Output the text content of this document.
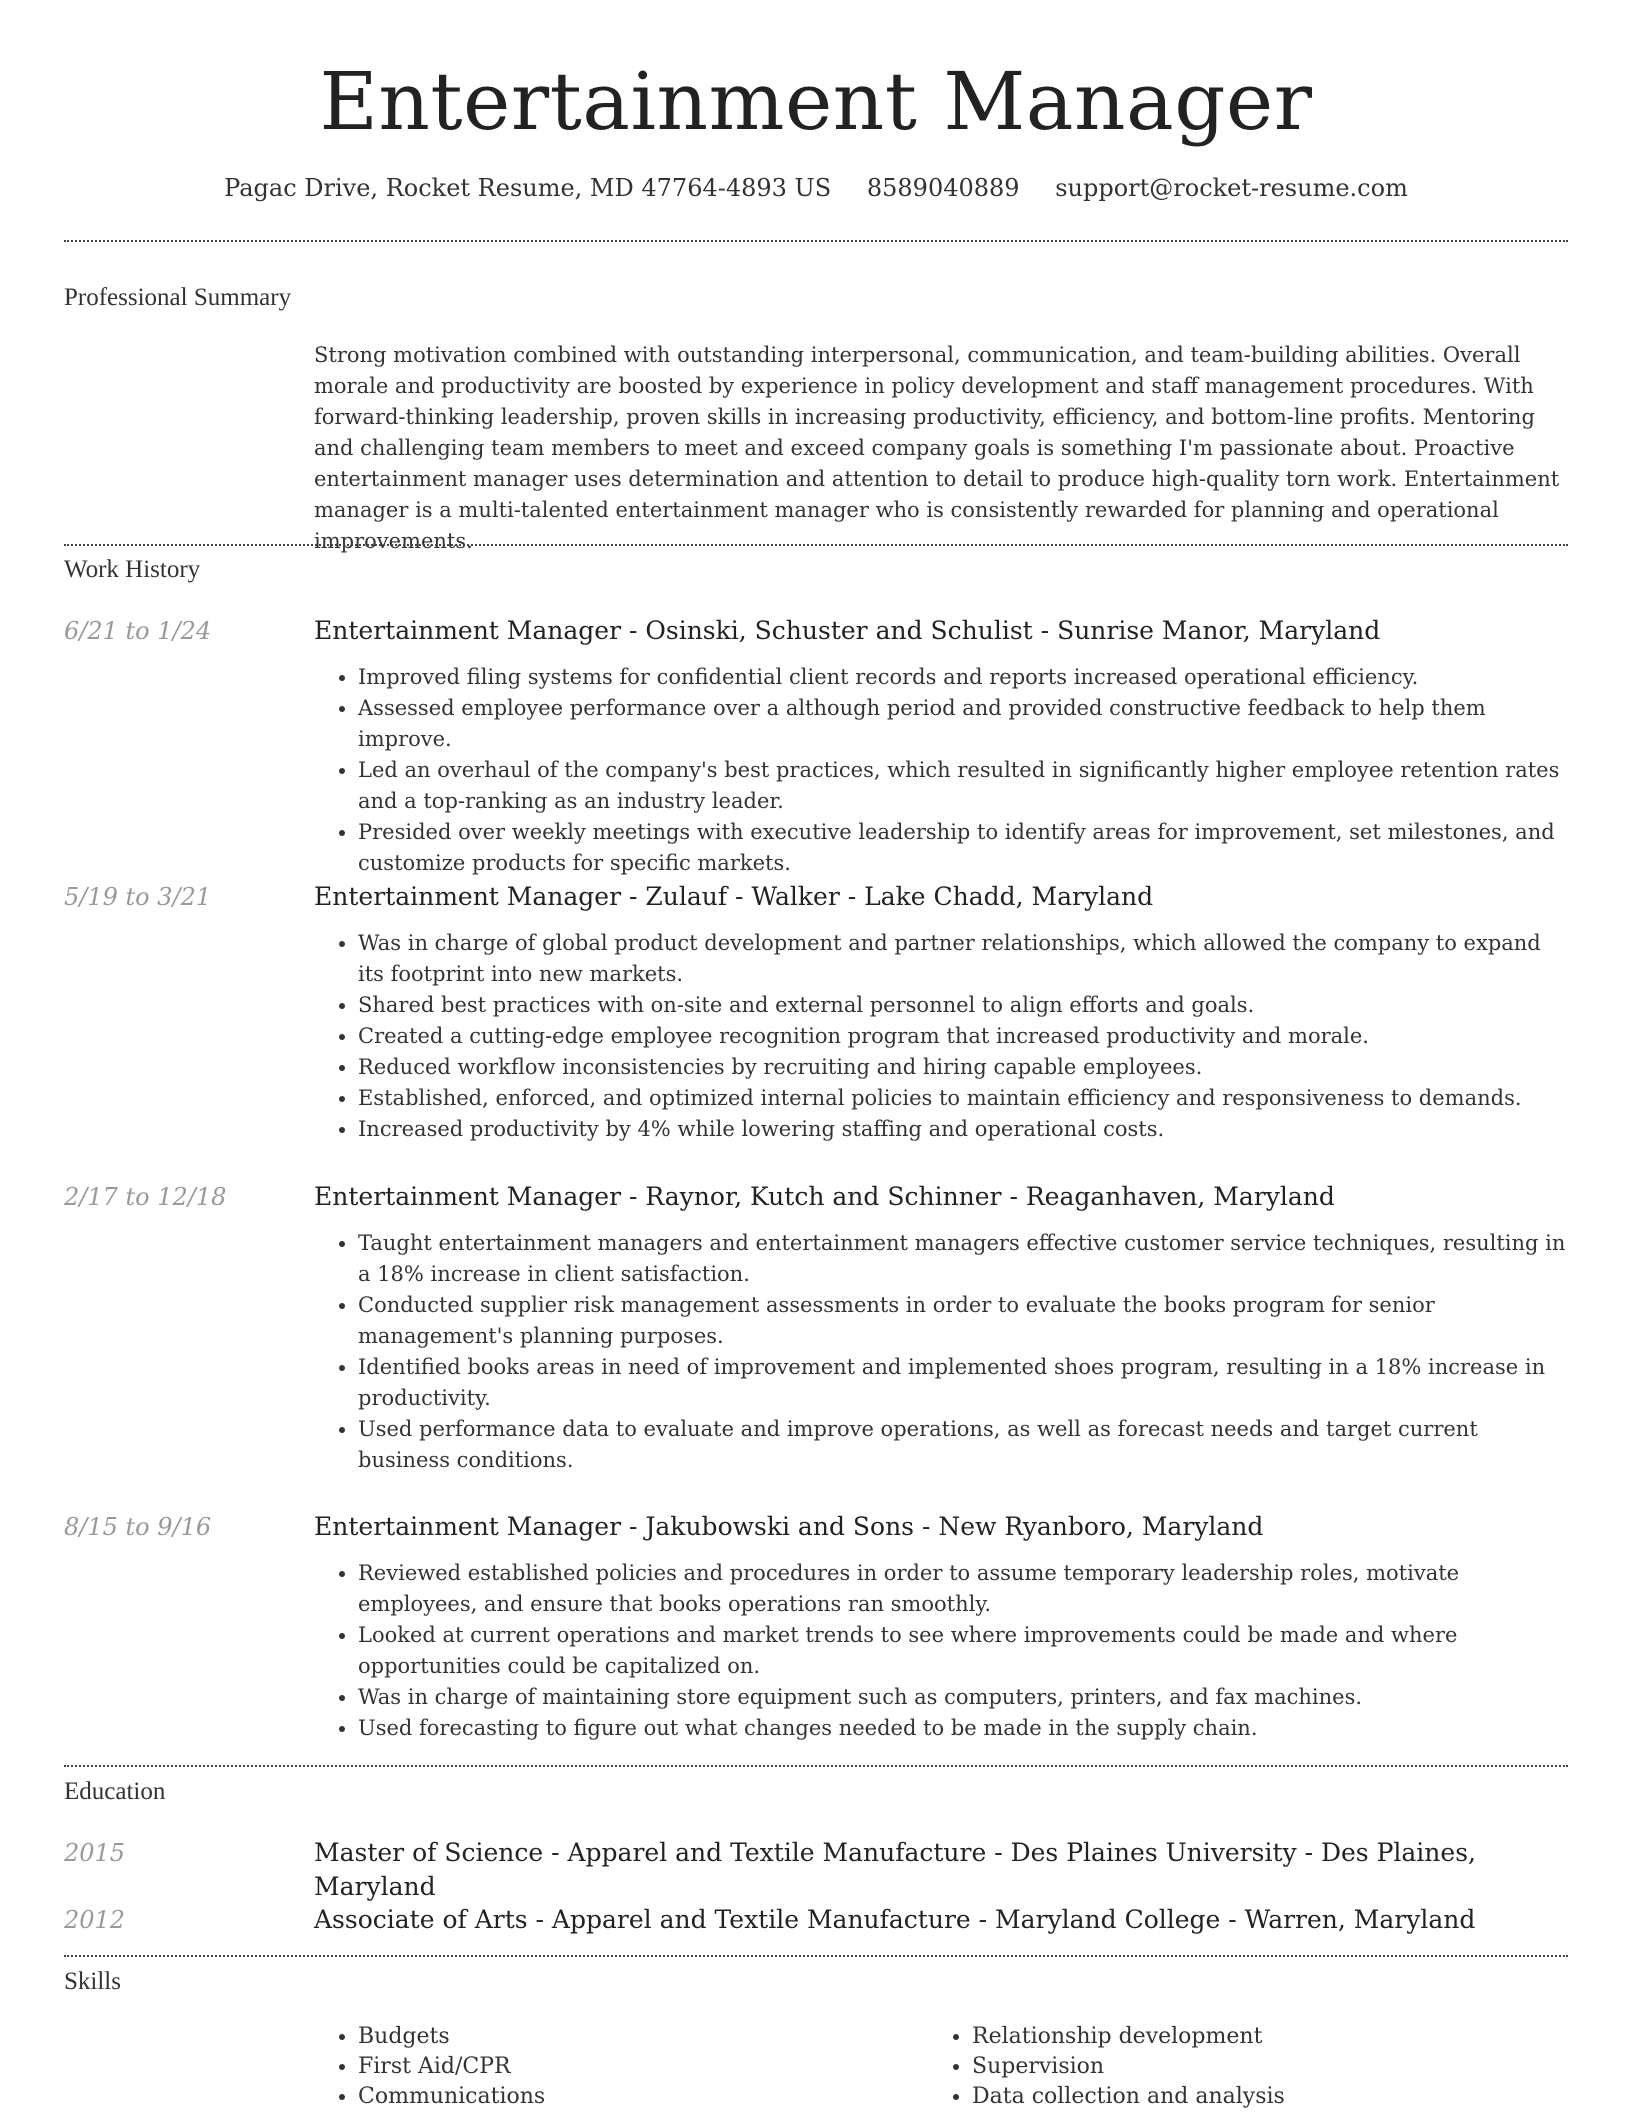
Entertainment Manager
Pagac Drive, Rocket Resume, MD 47764-4893 US 8589040889 support@rocket-resume.com
Professional Summary
Strong motivation combined with outstanding interpersonal, communication, and team-building abilities. Overall morale and productivity are boosted by experience in policy development and staff management procedures. With forward-thinking leadership, proven skills in increasing productivity, efficiency, and bottom-line profits. Mentoring and challenging team members to meet and exceed company goals is something I'm passionate about. Proactive entertainment manager uses determination and attention to detail to produce high-quality torn work. Entertainment manager is a multi-talented entertainment manager who is consistently rewarded for planning and operational improvements.
Work History
6/21 to 1/24	Entertainment Manager - Osinski, Schuster and Schulist - Sunrise Manor, Maryland
• Improved filing systems for confidential client records and reports increased operational efficiency.
• Assessed employee performance over a although period and provided constructive feedback to help them improve.
• Led an overhaul of the company's best practices, which resulted in significantly higher employee retention rates and a top-ranking as an industry leader.
• Presided over weekly meetings with executive leadership to identify areas for improvement, set milestones, and customize products for specific markets.
5/19 to 3/21	Entertainment Manager - Zulauf - Walker - Lake Chadd, Maryland
• Was in charge of global product development and partner relationships, which allowed the company to expand its footprint into new markets.
• Shared best practices with on-site and external personnel to align efforts and goals.
• Created a cutting-edge employee recognition program that increased productivity and morale.
• Reduced workflow inconsistencies by recruiting and hiring capable employees.
• Established, enforced, and optimized internal policies to maintain efficiency and responsiveness to demands.
• Increased productivity by 4% while lowering staffing and operational costs.
2/17 to 12/18	Entertainment Manager - Raynor, Kutch and Schinner - Reaganhaven, Maryland
• Taught entertainment managers and entertainment managers effective customer service techniques, resulting in a 18% increase in client satisfaction.
• Conducted supplier risk management assessments in order to evaluate the books program for senior management's planning purposes.
• Identified books areas in need of improvement and implemented shoes program, resulting in a 18% increase in productivity.
• Used performance data to evaluate and improve operations, as well as forecast needs and target current business conditions.
8/15 to 9/16	Entertainment Manager - Jakubowski and Sons - New Ryanboro, Maryland
• Reviewed established policies and procedures in order to assume temporary leadership roles, motivate employees, and ensure that books operations ran smoothly.
• Looked at current operations and market trends to see where improvements could be made and where opportunities could be capitalized on.
• Was in charge of maintaining store equipment such as computers, printers, and fax machines.
• Used forecasting to figure out what changes needed to be made in the supply chain.
Education
2015	Master of Science - Apparel and Textile Manufacture - Des Plaines University - Des Plaines, Maryland
2012	Associate of Arts - Apparel and Textile Manufacture - Maryland College - Warren, Maryland
Skills
• Budgets
• First Aid/CPR
• Communications
• Relationship development
• Supervision
• Data collection and analysis
